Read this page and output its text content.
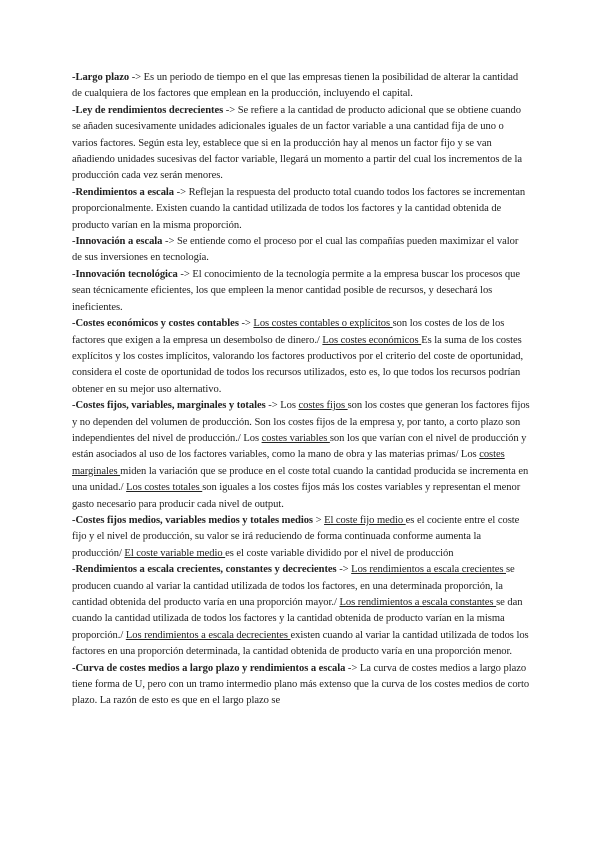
-Largo plazo -> Es un periodo de tiempo en el que las empresas tienen la posibilidad de alterar la cantidad de cualquiera de los factores que emplean en la producción, incluyendo el capital.

-Ley de rendimientos decrecientes -> Se refiere a la cantidad de producto adicional que se obtiene cuando se añaden sucesivamente unidades adicionales iguales de un factor variable a una cantidad fija de uno o varios factores. Según esta ley, establece que si en la producción hay al menos un factor fijo y se van añadiendo unidades sucesivas del factor variable, llegará un momento a partir del cual los incrementos de la producción cada vez serán menores.

-Rendimientos a escala -> Reflejan la respuesta del producto total cuando todos los factores se incrementan proporcionalmente. Existen cuando la cantidad utilizada de todos los factores y la cantidad obtenida de producto varían en la misma proporción.

-Innovación a escala -> Se entiende como el proceso por el cual las compañías pueden maximizar el valor de sus inversiones en tecnología.

-Innovación tecnológica -> El conocimiento de la tecnología permite a la empresa buscar los procesos que sean técnicamente eficientes, los que empleen la menor cantidad posible de recursos, y desechará los ineficientes.

-Costes económicos y costes contables -> Los costes contables o explícitos son los costes de los de los factores que exigen a la empresa un desembolso de dinero./ Los costes económicos Es la suma de los costes explícitos y los costes implícitos, valorando los factores productivos por el criterio del coste de oportunidad, considera el coste de oportunidad de todos los recursos utilizados, esto es, lo que todos los recursos podrían obtener en su mejor uso alternativo.

-Costes fijos, variables, marginales y totales -> Los costes fijos son los costes que generan los factores fijos y no dependen del volumen de producción. Son los costes fijos de la empresa y, por tanto, a corto plazo son independientes del nivel de producción./ Los costes variables son los que varían con el nivel de producción y están asociados al uso de los factores variables, como la mano de obra y las materias primas/ Los costes marginales miden la variación que se produce en el coste total cuando la cantidad producida se incrementa en una unidad./ Los costes totales son iguales a los costes fijos más los costes variables y representan el menor gasto necesario para producir cada nivel de output.

-Costes fijos medios, variables medios y totales medios > El coste fijo medio es el cociente entre el coste fijo y el nivel de producción, su valor se irá reduciendo de forma continuada conforme aumenta la producción/ El coste variable medio es el coste variable dividido por el nivel de producción

-Rendimientos a escala crecientes, constantes y decrecientes -> Los rendimientos a escala crecientes se producen cuando al variar la cantidad utilizada de todos los factores, en una determinada proporción, la cantidad obtenida del producto varía en una proporción mayor./ Los rendimientos a escala constantes se dan cuando la cantidad utilizada de todos los factores y la cantidad obtenida de producto varían en la misma proporción./ Los rendimientos a escala decrecientes existen cuando al variar la cantidad utilizada de todos los factores en una proporción determinada, la cantidad obtenida de producto varía en una proporción menor.

-Curva de costes medios a largo plazo y rendimientos a escala -> La curva de costes medios a largo plazo tiene forma de U, pero con un tramo intermedio plano más extenso que la curva de los costes medios de corto plazo. La razón de esto es que en el largo plazo se
